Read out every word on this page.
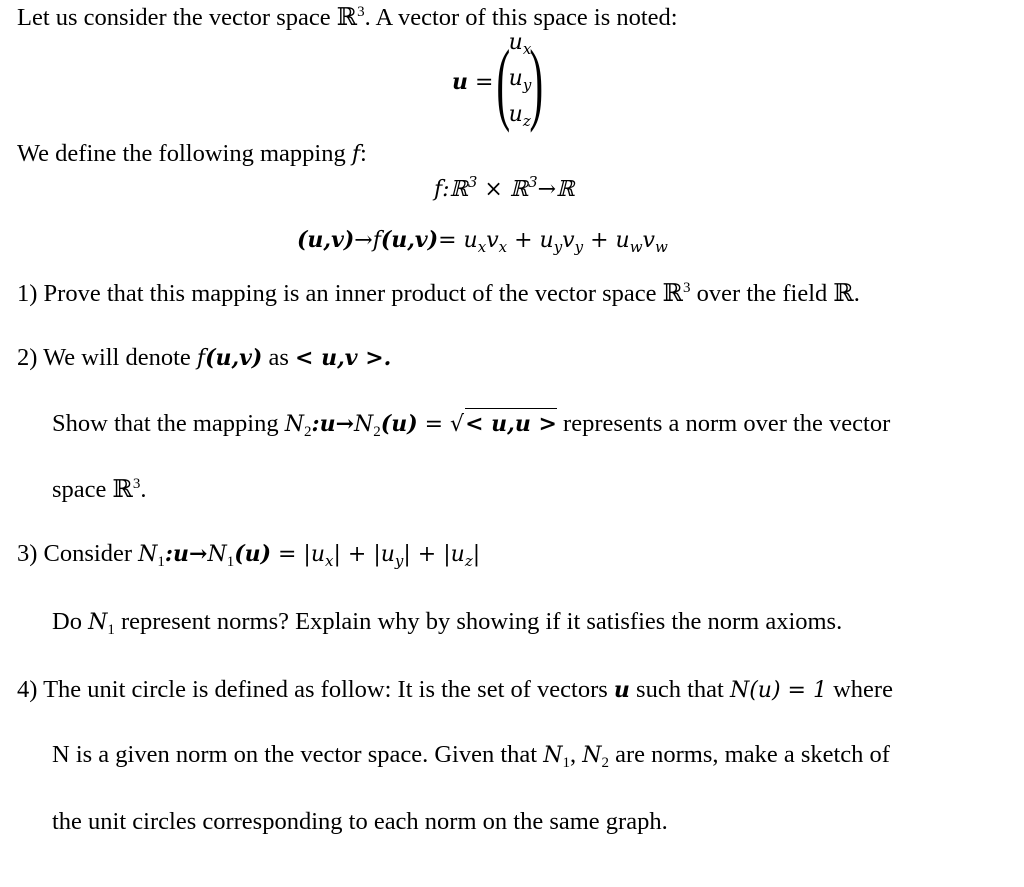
Let us consider the vector space ℝ$^3$. A vector of this space is noted:
u = (
$u_x$
$u_y$
$u_z$ )
We define the following mapping f:
f:ℝ$^3$ × ℝ$^3$→ℝ
$(u,v)\to f(u,v)= u_xv_x + u_yv_y + u_wv_w$
1) Prove that this mapping is an inner product of the vector space ℝ$^3$ over the field ℝ.
2) We will denote f(u,v) as < u,v >.
Show that the mapping $N_2:u\to N_2(u)$ = √< u,u > represents a norm over the vector
space ℝ$^3$.
3) Consider $N_1:u\to N_1(u) = |u_x| + |u_y| + |u_z|$
Do $N_1$ represent norms? Explain why by showing if it satisfies the norm axioms.
4) The unit circle is defined as follow: It is the set of vectors u such that N(u) = 1 where
N is a given norm on the vector space. Given that $N_1$, $N_2$ are norms, make a sketch of
the unit circles corresponding to each norm on the same graph.
